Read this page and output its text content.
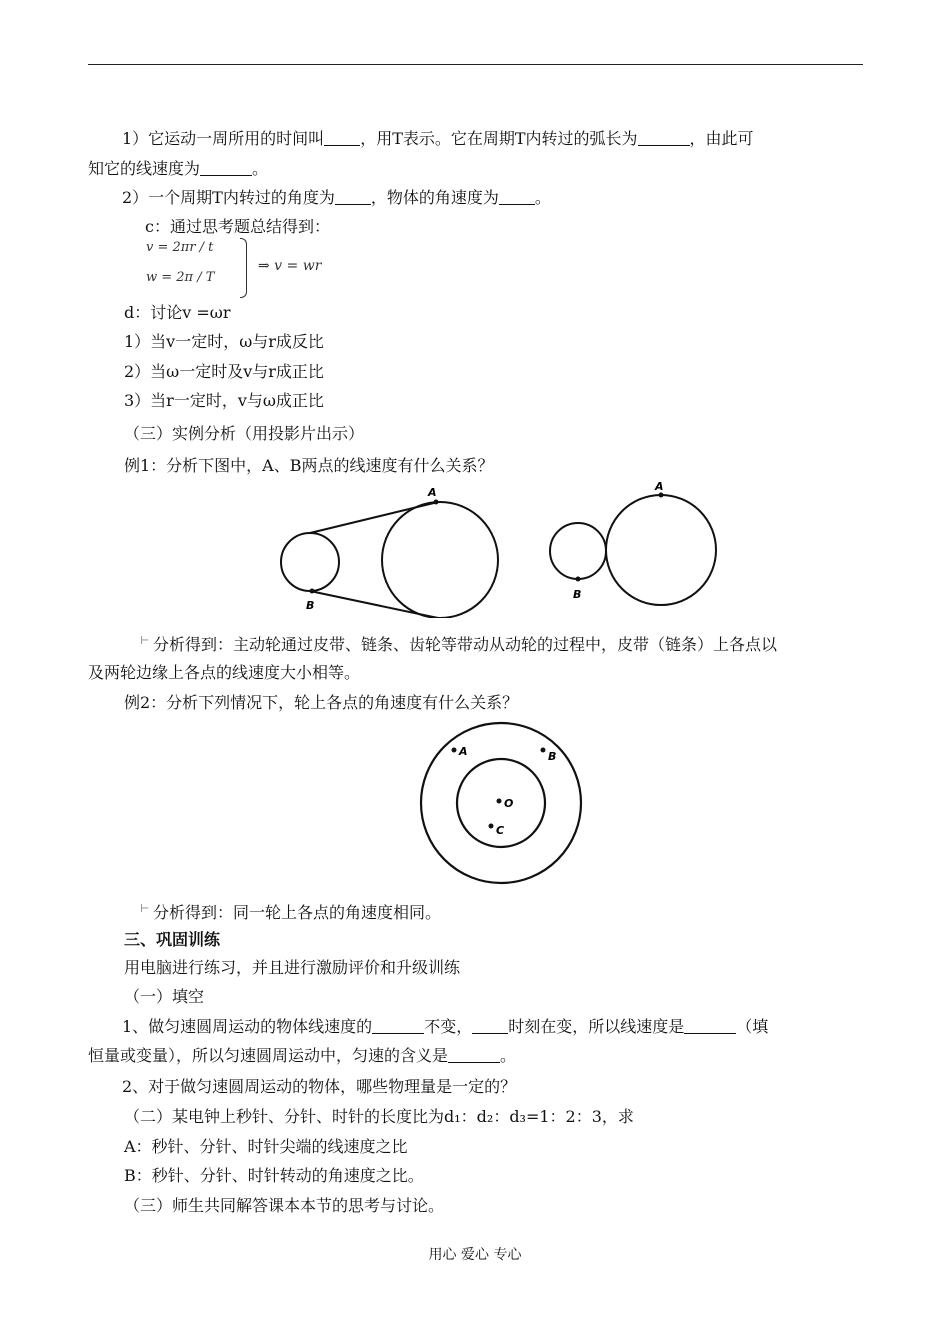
1）它运动一周所用的时间叫 ，用T表示。它在周期T内转过的弧长为	，由此可
知它的线速度为	。
2）一个周期T内转过的角度为 ，物体的角速度为 。
c：通过思考题总结得到：
v = 2πr / t
w = 2π / T
⇒ v = wr
d：讨论v =ωr
1）当v一定时，ω与r成反比
2）当ω一定时及v与r成正比
3）当r一定时，v与ω成正比
（三）实例分析（用投影片出示）
例1：分析下图中，A、B两点的线速度有什么关系？
A
B
A
B
⊢ 分析得到：主动轮通过皮带、链条、齿轮等带动从动轮的过程中，皮带（链条）上各点以
及两轮边缘上各点的线速度大小相等。
例2：分析下列情况下，轮上各点的角速度有什么关系？
A	B
O
C
⊢ 分析得到：同一轮上各点的角速度相同。
三、巩固训练
用电脑进行练习，并且进行激励评价和升级训练
（一）填空
1、做匀速圆周运动的物体线速度的	不变， 时刻在变，所以线速度是	（填
恒量或变量），所以匀速圆周运动中，匀速的含义是	。
2、对于做匀速圆周运动的物体，哪些物理量是一定的？
（二）某电钟上秒针、分针、时针的长度比为d₁：d₂：d₃=1：2：3，求
A：秒针、分针、时针尖端的线速度之比
B：秒针、分针、时针转动的角速度之比。
（三）师生共同解答课本本节的思考与讨论。
用心 爱心 专心
